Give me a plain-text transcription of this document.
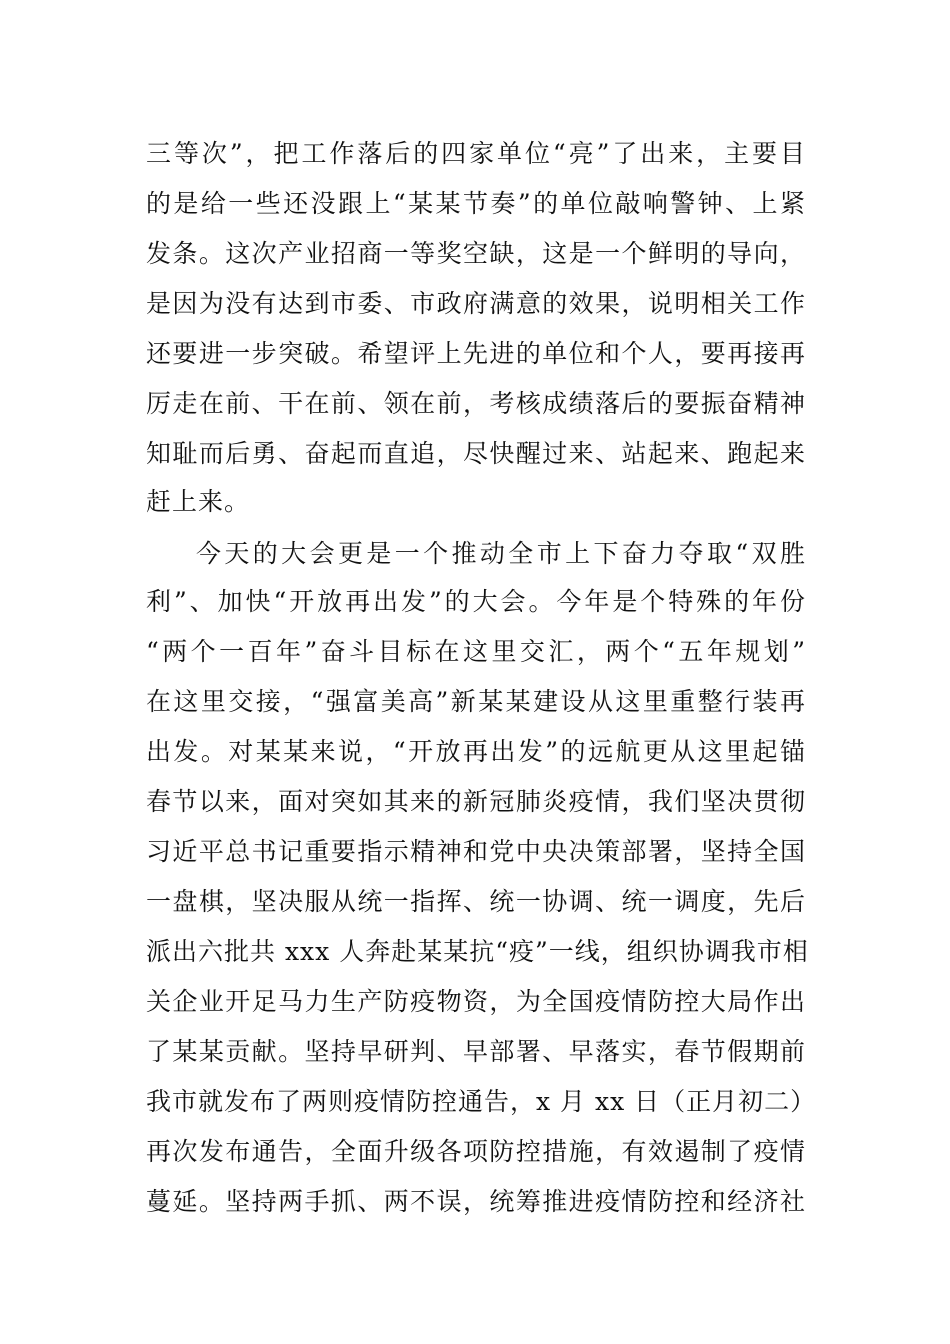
三等次”，把工作落后的四家单位“亮”了出来，主要目
的是给一些还没跟上“某某节奏”的单位敲响警钟、上紧
发条。这次产业招商一等奖空缺，这是一个鲜明的导向，
是因为没有达到市委、市政府满意的效果，说明相关工作
还要进一步突破。希望评上先进的单位和个人，要再接再
厉走在前、干在前、领在前，考核成绩落后的要振奋精神
知耻而后勇、奋起而直追，尽快醒过来、站起来、跑起来
赶上来。
今天的大会更是一个推动全市上下奋力夺取“双胜
利”、加快“开放再出发”的大会。今年是个特殊的年份
“两个一百年”奋斗目标在这里交汇，两个“五年规划”
在这里交接，“强富美高”新某某建设从这里重整行装再
出发。对某某来说，“开放再出发”的远航更从这里起锚
春节以来，面对突如其来的新冠肺炎疫情，我们坚决贯彻
习近平总书记重要指示精神和党中央决策部署，坚持全国
一盘棋，坚决服从统一指挥、统一协调、统一调度，先后
派出六批共 xxx 人奔赴某某抗“疫”一线，组织协调我市相
关企业开足马力生产防疫物资，为全国疫情防控大局作出
了某某贡献。坚持早研判、早部署、早落实，春节假期前
我市就发布了两则疫情防控通告，x 月 xx 日（正月初二）
再次发布通告，全面升级各项防控措施，有效遏制了疫情
蔓延。坚持两手抓、两不误，统筹推进疫情防控和经济社
